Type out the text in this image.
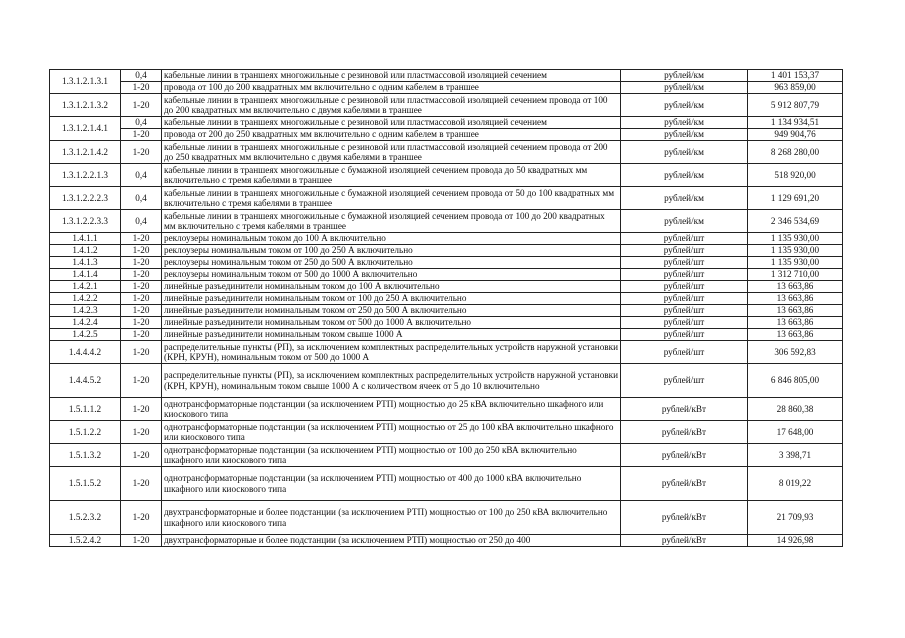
1.3.1.2.1.3.1	0,4	кабельные линии в траншеях многожильные с резиновой или пластмассовой изоляцией сечением	рублей/км	1 401 153,37
	1-20	провода от 100 до 200 квадратных мм включительно с одним кабелем в траншее	рублей/км	963 859,00
1.3.1.2.1.3.2	1-20	кабельные линии в траншеях многожильные с резиновой или пластмассовой изоляцией сечением провода от 100 до 200 квадратных мм включительно с двумя кабелями в траншее	рублей/км	5 912 807,79
1.3.1.2.1.4.1	0,4	кабельные линии в траншеях многожильные с резиновой или пластмассовой изоляцией сечением	рублей/км	1 134 934,51
	1-20	провода от 200 до 250 квадратных мм включительно с одним кабелем в траншее	рублей/км	949 904,76
1.3.1.2.1.4.2	1-20	кабельные линии в траншеях многожильные с резиновой или пластмассовой изоляцией сечением провода от 200 до 250 квадратных мм включительно с двумя кабелями в траншее	рублей/км	8 268 280,00
1.3.1.2.2.1.3	0,4	кабельные линии в траншеях многожильные с бумажной изоляцией сечением провода до 50 квадратных мм включительно с тремя кабелями в траншее	рублей/км	518 920,00
1.3.1.2.2.2.3	0,4	кабельные линии в траншеях многожильные с бумажной изоляцией сечением провода от 50 до 100 квадратных мм включительно с тремя кабелями в траншее	рублей/км	1 129 691,20
1.3.1.2.2.3.3	0,4	кабельные линии в траншеях многожильные с бумажной изоляцией сечением провода от 100 до 200 квадратных мм включительно с тремя кабелями в траншее	рублей/км	2 346 534,69
1.4.1.1	1-20	реклоузеры номинальным током до 100 А включительно	рублей/шт	1 135 930,00
1.4.1.2	1-20	реклоузеры номинальным током от 100 до 250 А включительно	рублей/шт	1 135 930,00
1.4.1.3	1-20	реклоузеры номинальным током от 250 до 500 А включительно	рублей/шт	1 135 930,00
1.4.1.4	1-20	реклоузеры номинальным током от 500 до 1000 А включительно	рублей/шт	1 312 710,00
1.4.2.1	1-20	линейные разъединители номинальным током до 100 А включительно	рублей/шт	13 663,86
1.4.2.2	1-20	линейные разъединители номинальным током от 100 до 250 А включительно	рублей/шт	13 663,86
1.4.2.3	1-20	линейные разъединители номинальным током от 250 до 500 А включительно	рублей/шт	13 663,86
1.4.2.4	1-20	линейные разъединители номинальным током от 500 до 1000 А включительно	рублей/шт	13 663,86
1.4.2.5	1-20	линейные разъединители номинальным током свыше 1000 А	рублей/шт	13 663,86
1.4.4.4.2	1-20	распределительные пункты (РП), за исключением комплектных распределительных устройств наружной установки (КРН, КРУН), номинальным током от 500 до 1000 А	рублей/шт	306 592,83
1.4.4.5.2	1-20	распределительные пункты (РП), за исключением комплектных распределительных устройств наружной установки (КРН, КРУН), номинальным током свыше 1000 А с количеством ячеек от 5 до 10 включительно	рублей/шт	6 846 805,00
1.5.1.1.2	1-20	однотрансформаторные подстанции (за исключением РТП) мощностью до 25 кВА включительно шкафного или киоскового типа	рублей/кВт	28 860,38
1.5.1.2.2	1-20	однотрансформаторные подстанции (за исключением РТП) мощностью от 25 до 100 кВА включительно шкафного или киоскового типа	рублей/кВт	17 648,00
1.5.1.3.2	1-20	однотрансформаторные подстанции (за исключением РТП) мощностью от 100 до 250 кВА включительно шкафного или киоскового типа	рублей/кВт	3 398,71
1.5.1.5.2	1-20	однотрансформаторные подстанции (за исключением РТП) мощностью от 400 до 1000 кВА включительно шкафного или киоскового типа	рублей/кВт	8 019,22
1.5.2.3.2	1-20	двухтрансформаторные и более подстанции (за исключением РТП) мощностью от 100 до 250 кВА включительно шкафного или киоскового типа	рублей/кВт	21 709,93
1.5.2.4.2	1-20	двухтрансформаторные и более подстанции (за исключением РТП) мощностью от 250 до 400	рублей/кВт	14 926,98
